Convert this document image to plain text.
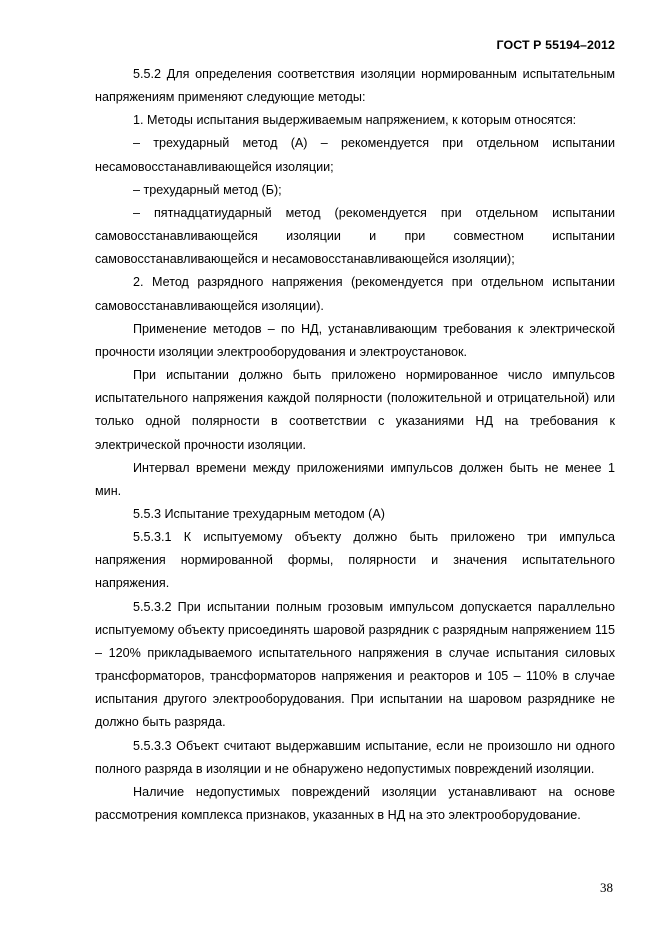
ГОСТ Р 55194–2012

5.5.2 Для определения соответствия изоляции нормированным испытательным напряжениям применяют следующие методы:

1. Методы испытания выдерживаемым напряжением, к которым относятся:

– трехударный метод (А) – рекомендуется при отдельном испытании несамовосстанавливающейся изоляции;

– трехударный метод (Б);

– пятнадцатиударный метод (рекомендуется при отдельном испытании самовосстанавливающейся изоляции и при совместном испытании самовосстанавливающейся и несамовосстанавливающейся изоляции);

2. Метод разрядного напряжения (рекомендуется при отдельном испытании самовосстанавливающейся изоляции).

Применение методов – по НД, устанавливающим требования к электрической прочности изоляции электрооборудования и электроустановок.

При испытании должно быть приложено нормированное число импульсов испытательного напряжения каждой полярности (положительной и отрицательной) или только одной полярности в соответствии с указаниями НД на требования к электрической прочности изоляции.

Интервал времени между приложениями импульсов должен быть не менее 1 мин.

5.5.3 Испытание трехударным методом (А)

5.5.3.1 К испытуемому объекту должно быть приложено три импульса напряжения нормированной формы, полярности и значения испытательного напряжения.

5.5.3.2 При испытании полным грозовым импульсом допускается параллельно испытуемому объекту присоединять шаровой разрядник с разрядным напряжением 115 – 120% прикладываемого испытательного напряжения в случае испытания силовых трансформаторов, трансформаторов напряжения и реакторов и 105 – 110% в случае испытания другого электрооборудования. При испытании на шаровом разряднике не должно быть разряда.

5.5.3.3 Объект считают выдержавшим испытание, если не произошло ни одного полного разряда в изоляции и не обнаружено недопустимых повреждений изоляции.

Наличие недопустимых повреждений изоляции устанавливают на основе рассмотрения комплекса признаков, указанных в НД на это электрооборудование.

38
